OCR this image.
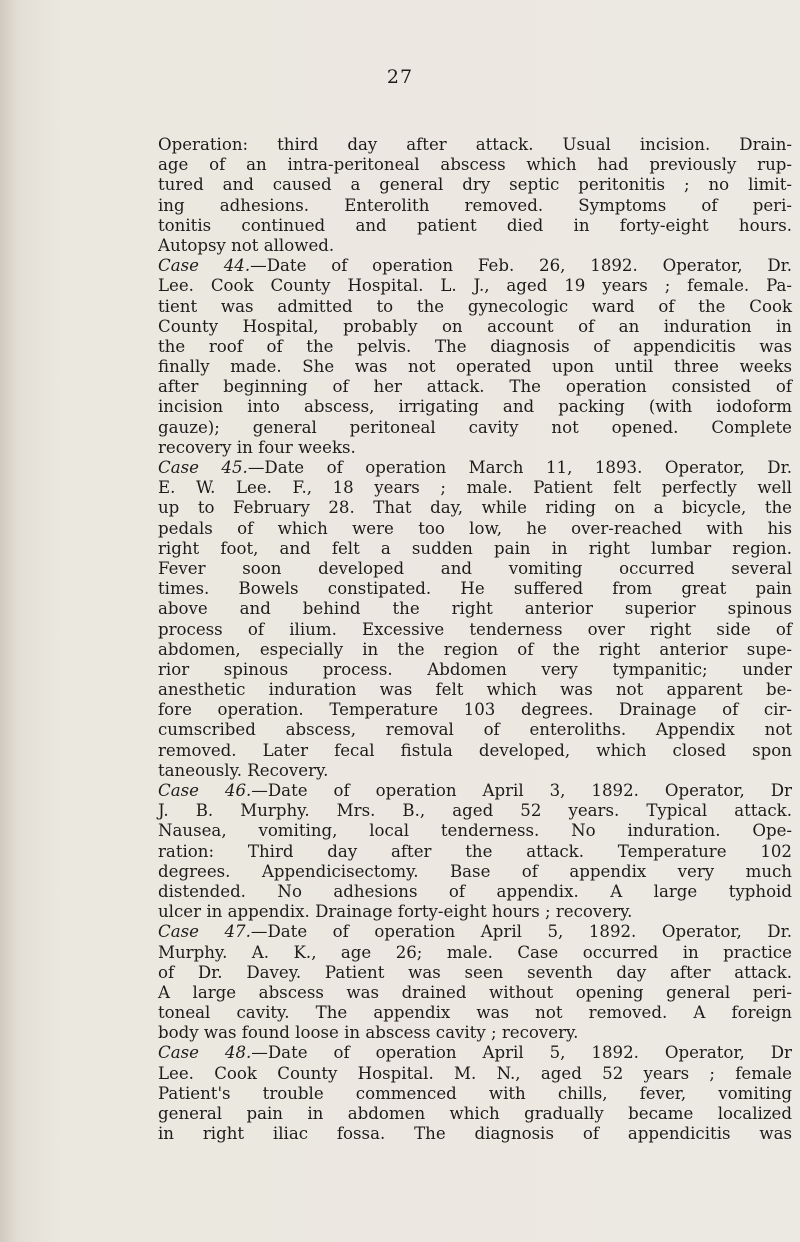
27
Operation: third day after attack. Usual incision. Drain-
age of an intra-peritoneal abscess which had previously rup-
tured and caused a general dry septic peritonitis ; no limit-
ing adhesions. Enterolith removed. Symptoms of peri-
tonitis continued and patient died in forty-eight hours.
Autopsy not allowed.
Case 44.—Date of operation Feb. 26, 1892. Operator, Dr.
Lee. Cook County Hospital. L. J., aged 19 years ; female. Pa-
tient was admitted to the gynecologic ward of the Cook
County Hospital, probably on account of an induration in
the roof of the pelvis. The diagnosis of appendicitis was
finally made. She was not operated upon until three weeks
after beginning of her attack. The operation consisted of
incision into abscess, irrigating and packing (with iodoform
gauze); general peritoneal cavity not opened. Complete
recovery in four weeks.
Case 45.—Date of operation March 11, 1893. Operator, Dr.
E. W. Lee. F., 18 years ; male. Patient felt perfectly well
up to February 28. That day, while riding on a bicycle, the
pedals of which were too low, he over-reached with his
right foot, and felt a sudden pain in right lumbar region.
Fever soon developed and vomiting occurred several
times. Bowels constipated. He suffered from great pain
above and behind the right anterior superior spinous
process of ilium. Excessive tenderness over right side of
abdomen, especially in the region of the right anterior supe-
rior spinous process. Abdomen very tympanitic; under
anesthetic induration was felt which was not apparent be-
fore operation. Temperature 103 degrees. Drainage of cir-
cumscribed abscess, removal of enteroliths. Appendix not
removed. Later fecal fistula developed, which closed spon
taneously. Recovery.
Case 46.—Date of operation April 3, 1892. Operator, Dr
J. B. Murphy. Mrs. B., aged 52 years. Typical attack.
Nausea, vomiting, local tenderness. No induration. Ope-
ration: Third day after the attack. Temperature 102
degrees. Appendicisectomy. Base of appendix very much
distended. No adhesions of appendix. A large typhoid
ulcer in appendix. Drainage forty-eight hours ; recovery.
Case 47.—Date of operation April 5, 1892. Operator, Dr.
Murphy. A. K., age 26; male. Case occurred in practice
of Dr. Davey. Patient was seen seventh day after attack.
A large abscess was drained without opening general peri-
toneal cavity. The appendix was not removed. A foreign
body was found loose in abscess cavity ; recovery.
Case 48.—Date of operation April 5, 1892. Operator, Dr
Lee. Cook County Hospital. M. N., aged 52 years ; female
Patient's trouble commenced with chills, fever, vomiting
general pain in abdomen which gradually became localized
in right iliac fossa. The diagnosis of appendicitis was
